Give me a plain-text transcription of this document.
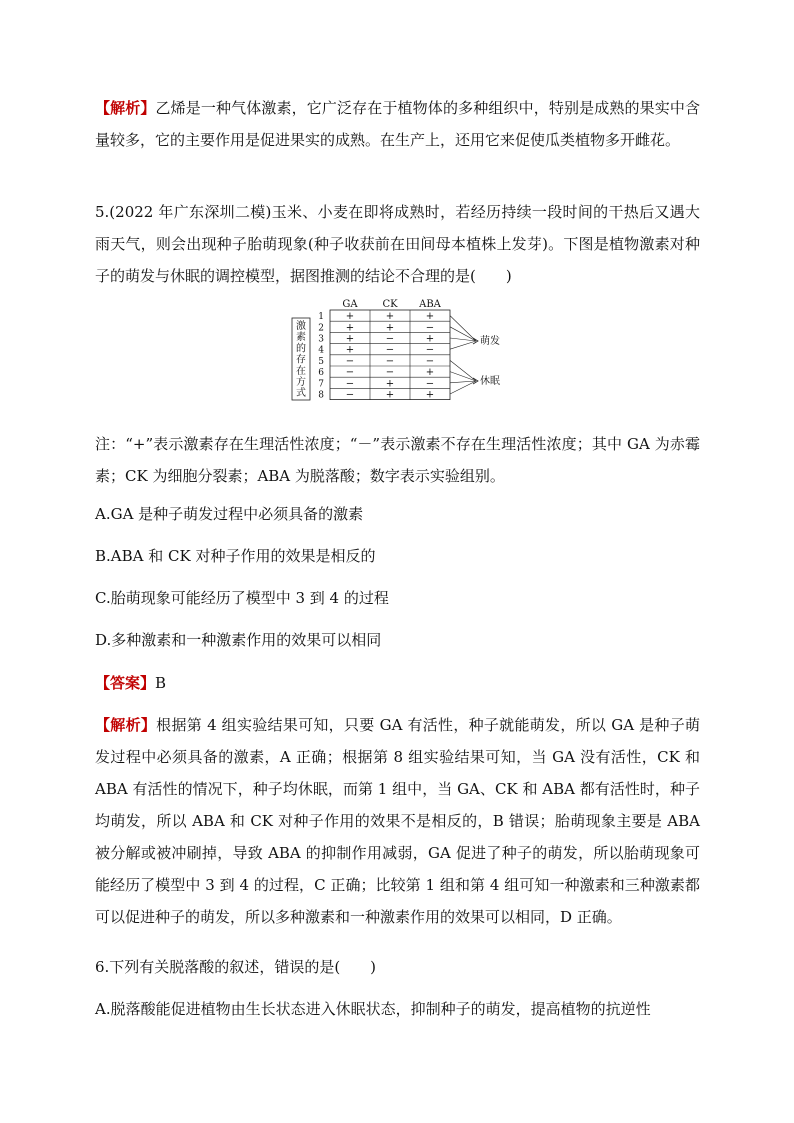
【解析】乙烯是一种气体激素，它广泛存在于植物体的多种组织中，特别是成熟的果实中含量较多，它的主要作用是促进果实的成熟。在生产上，还用它来促使瓜类植物多开雌花。

5.(2022 年广东深圳二模)玉米、小麦在即将成熟时，若经历持续一段时间的干热后又遇大雨天气，则会出现种子胎萌现象(种子收获前在田间母本植株上发芽)。下图是植物激素对种子的萌发与休眠的调控模型，据图推测的结论不合理的是(　　)

激
素
的
存
在
方
式
GA CK ABA
1 +	+	+
2 +	+	−
3 +	−	+
4 +	−	−
5 −	−	−
6 −	−	+
7 −	+	−
8 −	+	+
萌发
休眠

注：“+”表示激素存在生理活性浓度；“－”表示激素不存在生理活性浓度；其中 GA 为赤霉素；CK 为细胞分裂素；ABA 为脱落酸；数字表示实验组别。

A.GA 是种子萌发过程中必须具备的激素

B.ABA 和 CK 对种子作用的效果是相反的

C.胎萌现象可能经历了模型中 3 到 4 的过程

D.多种激素和一种激素作用的效果可以相同

【答案】B

【解析】根据第 4 组实验结果可知，只要 GA 有活性，种子就能萌发，所以 GA 是种子萌发过程中必须具备的激素，A 正确；根据第 8 组实验结果可知，当 GA 没有活性，CK 和 ABA 有活性的情况下，种子均休眠，而第 1 组中，当 GA、CK 和 ABA 都有活性时，种子均萌发，所以 ABA 和 CK 对种子作用的效果不是相反的，B 错误；胎萌现象主要是 ABA 被分解或被冲刷掉，导致 ABA 的抑制作用减弱，GA 促进了种子的萌发，所以胎萌现象可能经历了模型中 3 到 4 的过程，C 正确；比较第 1 组和第 4 组可知一种激素和三种激素都可以促进种子的萌发，所以多种激素和一种激素作用的效果可以相同，D 正确。

6.下列有关脱落酸的叙述，错误的是(　　)

A.脱落酸能促进植物由生长状态进入休眠状态，抑制种子的萌发，提高植物的抗逆性
